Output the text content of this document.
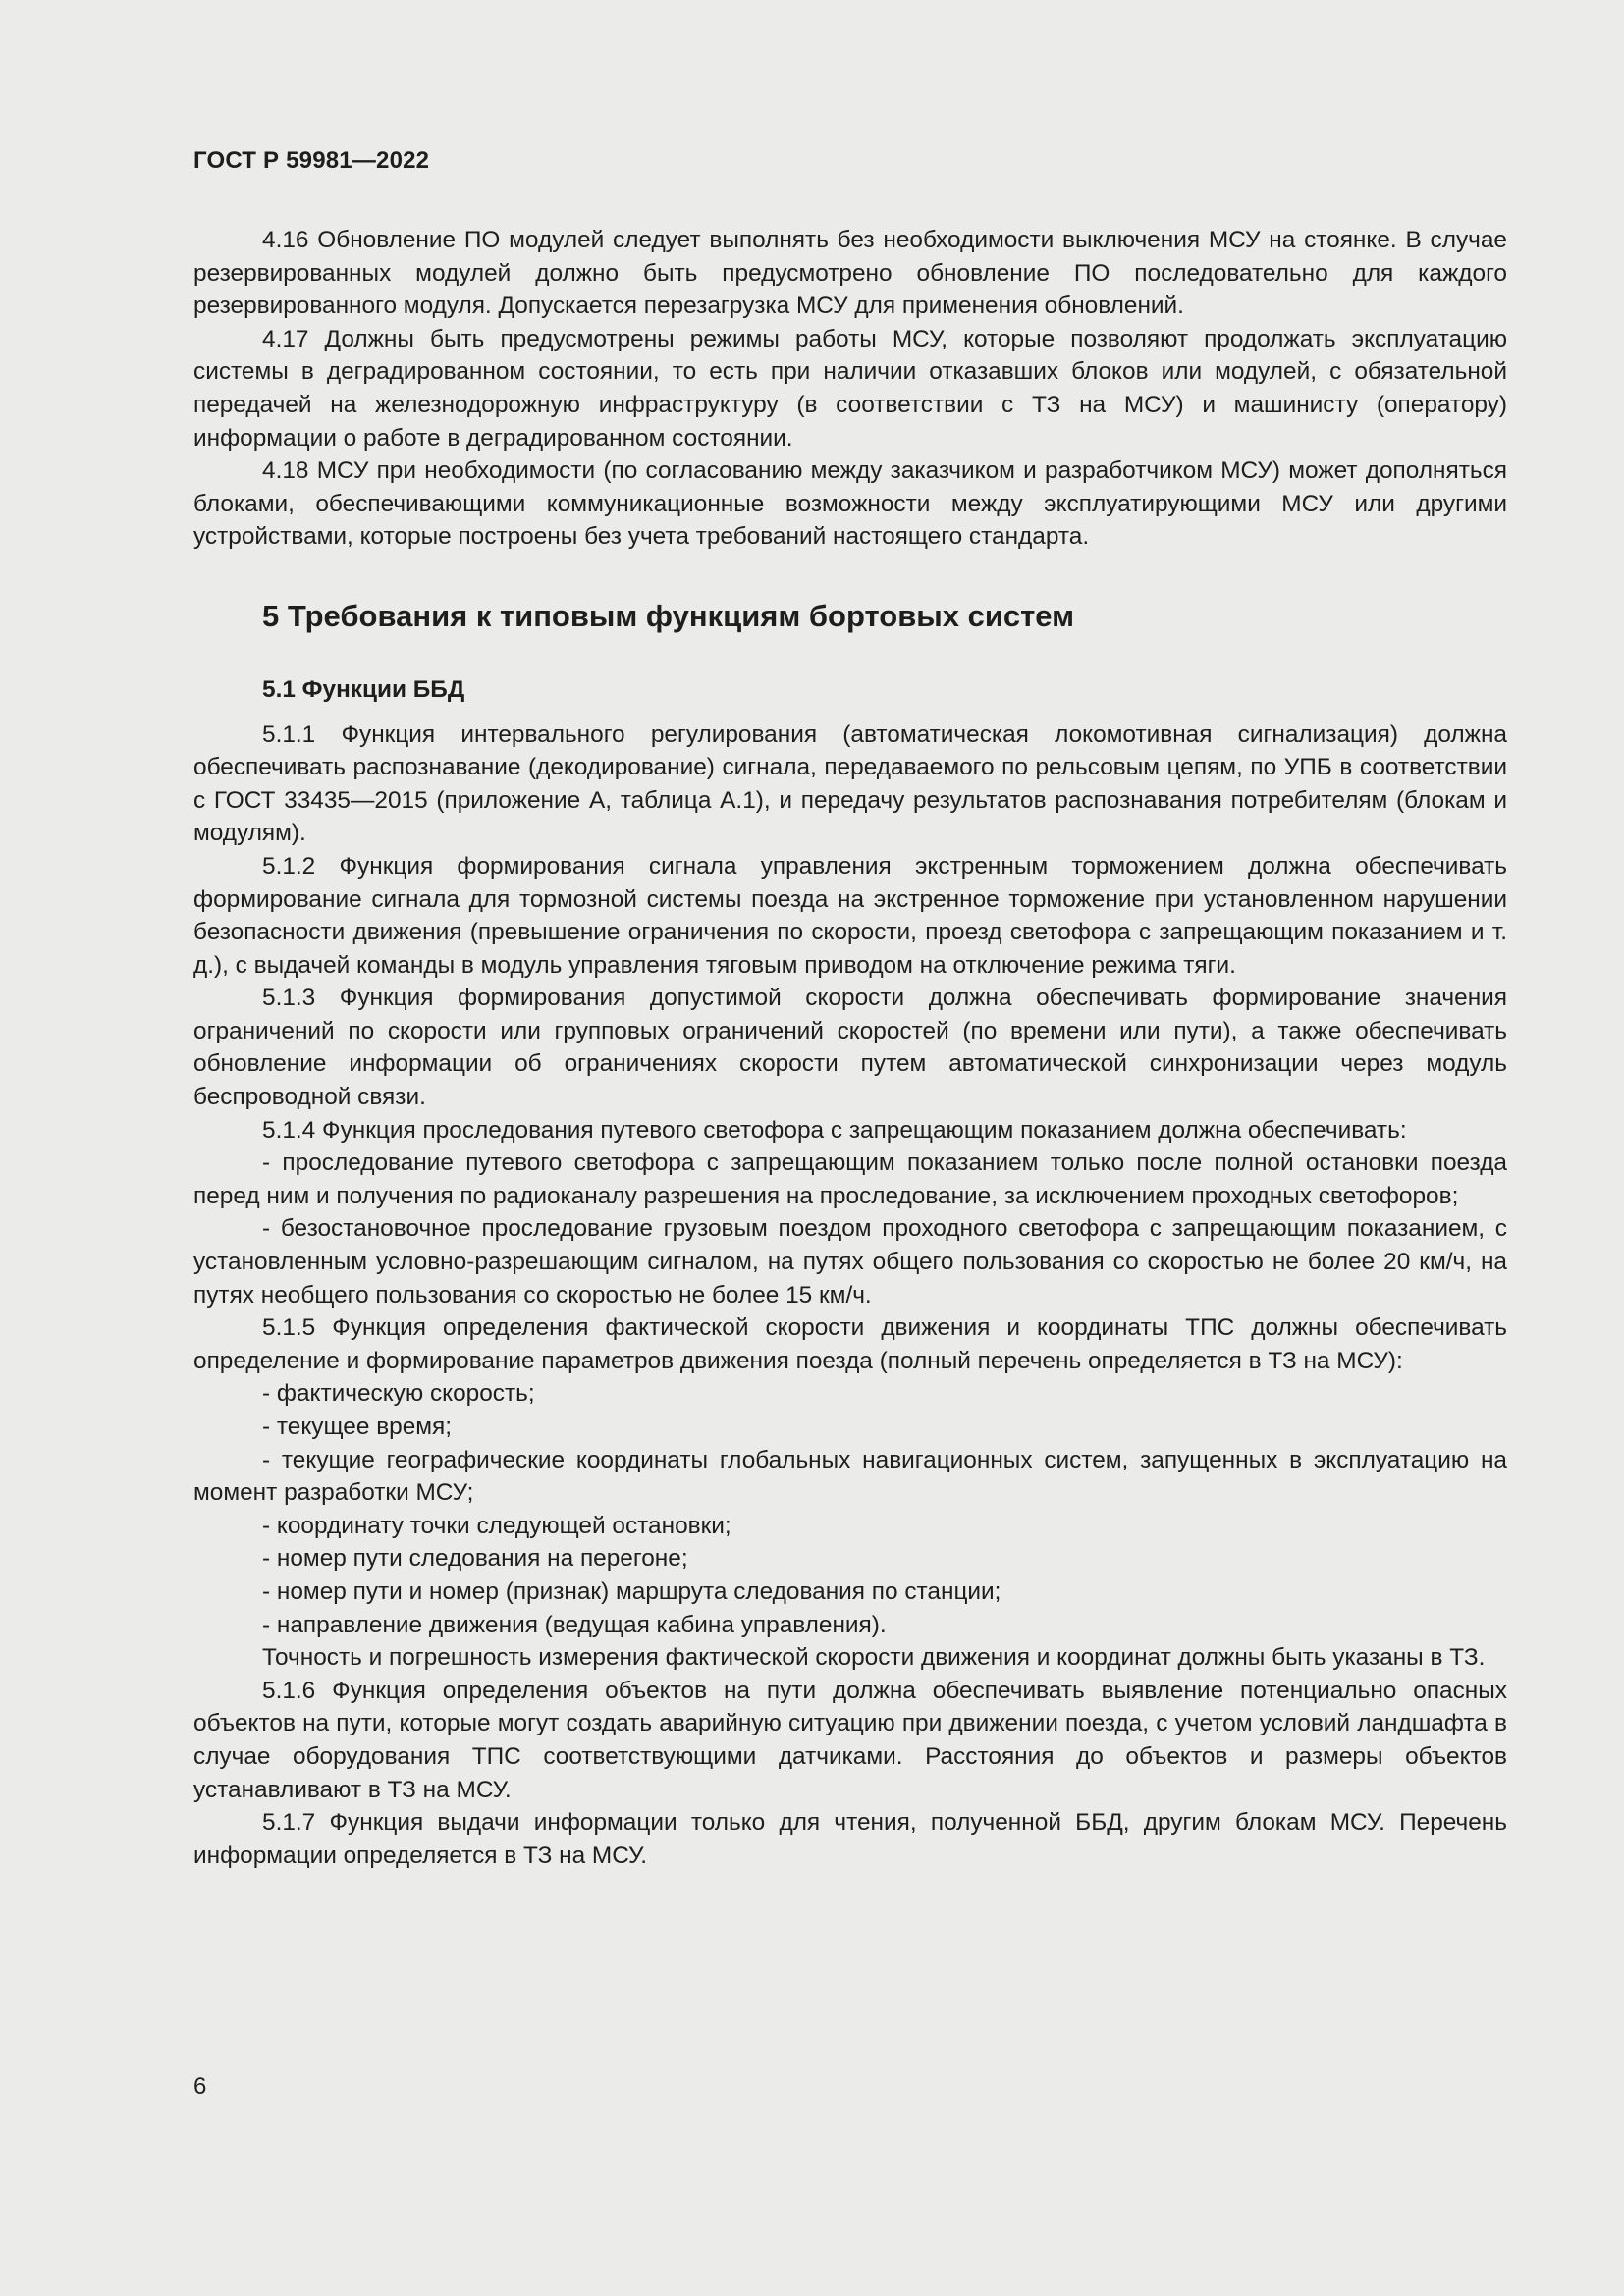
ГОСТ Р 59981—2022

4.16 Обновление ПО модулей следует выполнять без необходимости выключения МСУ на стоянке. В случае резервированных модулей должно быть предусмотрено обновление ПО последовательно для каждого резервированного модуля. Допускается перезагрузка МСУ для применения обновлений.

4.17 Должны быть предусмотрены режимы работы МСУ, которые позволяют продолжать эксплуатацию системы в деградированном состоянии, то есть при наличии отказавших блоков или модулей, с обязательной передачей на железнодорожную инфраструктуру (в соответствии с ТЗ на МСУ) и машинисту (оператору) информации о работе в деградированном состоянии.

4.18 МСУ при необходимости (по согласованию между заказчиком и разработчиком МСУ) может дополняться блоками, обеспечивающими коммуникационные возможности между эксплуатирующими МСУ или другими устройствами, которые построены без учета требований настоящего стандарта.

5 Требования к типовым функциям бортовых систем
5.1 Функции ББД

5.1.1 Функция интервального регулирования (автоматическая локомотивная сигнализация) должна обеспечивать распознавание (декодирование) сигнала, передаваемого по рельсовым цепям, по УПБ в соответствии с ГОСТ 33435—2015 (приложение А, таблица А.1), и передачу результатов распознавания потребителям (блокам и модулям).

5.1.2 Функция формирования сигнала управления экстренным торможением должна обеспечивать формирование сигнала для тормозной системы поезда на экстренное торможение при установленном нарушении безопасности движения (превышение ограничения по скорости, проезд светофора с запрещающим показанием и т. д.), с выдачей команды в модуль управления тяговым приводом на отключение режима тяги.

5.1.3 Функция формирования допустимой скорости должна обеспечивать формирование значения ограничений по скорости или групповых ограничений скоростей (по времени или пути), а также обеспечивать обновление информации об ограничениях скорости путем автоматической синхронизации через модуль беспроводной связи.

5.1.4 Функция проследования путевого светофора с запрещающим показанием должна обеспечивать:

- проследование путевого светофора с запрещающим показанием только после полной остановки поезда перед ним и получения по радиоканалу разрешения на проследование, за исключением проходных светофоров;

- безостановочное проследование грузовым поездом проходного светофора с запрещающим показанием, с установленным условно-разрешающим сигналом, на путях общего пользования со скоростью не более 20 км/ч, на путях необщего пользования со скоростью не более 15 км/ч.

5.1.5 Функция определения фактической скорости движения и координаты ТПС должны обеспечивать определение и формирование параметров движения поезда (полный перечень определяется в ТЗ на МСУ):

- фактическую скорость;

- текущее время;

- текущие географические координаты глобальных навигационных систем, запущенных в эксплуатацию на момент разработки МСУ;

- координату точки следующей остановки;

- номер пути следования на перегоне;

- номер пути и номер (признак) маршрута следования по станции;

- направление движения (ведущая кабина управления).

Точность и погрешность измерения фактической скорости движения и координат должны быть указаны в ТЗ.

5.1.6 Функция определения объектов на пути должна обеспечивать выявление потенциально опасных объектов на пути, которые могут создать аварийную ситуацию при движении поезда, с учетом условий ландшафта в случае оборудования ТПС соответствующими датчиками. Расстояния до объектов и размеры объектов устанавливают в ТЗ на МСУ.

5.1.7 Функция выдачи информации только для чтения, полученной ББД, другим блокам МСУ. Перечень информации определяется в ТЗ на МСУ.

6
